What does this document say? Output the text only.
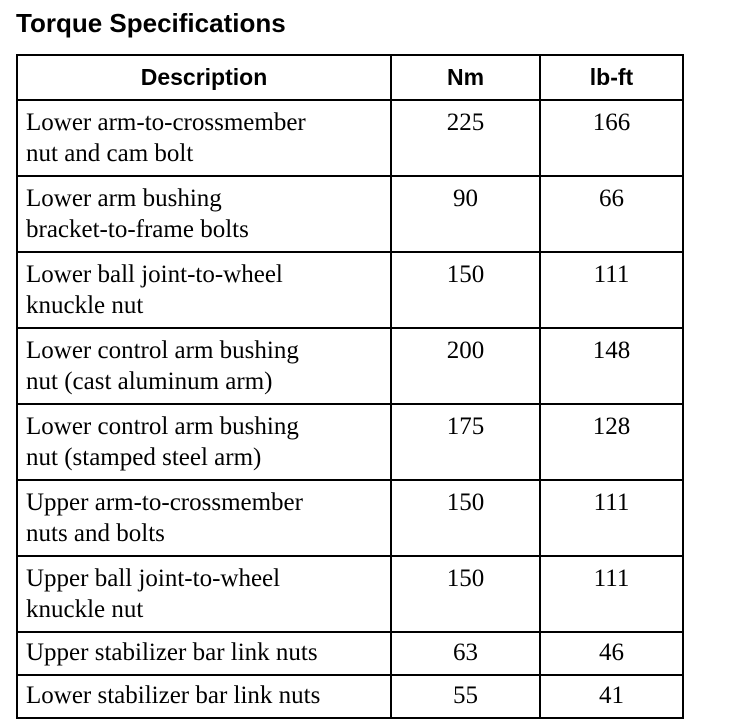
Torque Specifications
Description	Nm	lb-ft

Lower arm-to-crossmember
nut and cam bolt	225	166

Lower arm bushing
bracket-to-frame bolts	90	66

Lower ball joint-to-wheel
knuckle nut	150	111

Lower control arm bushing
nut (cast aluminum arm)	200	148

Lower control arm bushing
nut (stamped steel arm)	175	128

Upper arm-to-crossmember
nuts and bolts	150	111

Upper ball joint-to-wheel
knuckle nut	150	111

Upper stabilizer bar link nuts	63	46

Lower stabilizer bar link nuts	55	41
